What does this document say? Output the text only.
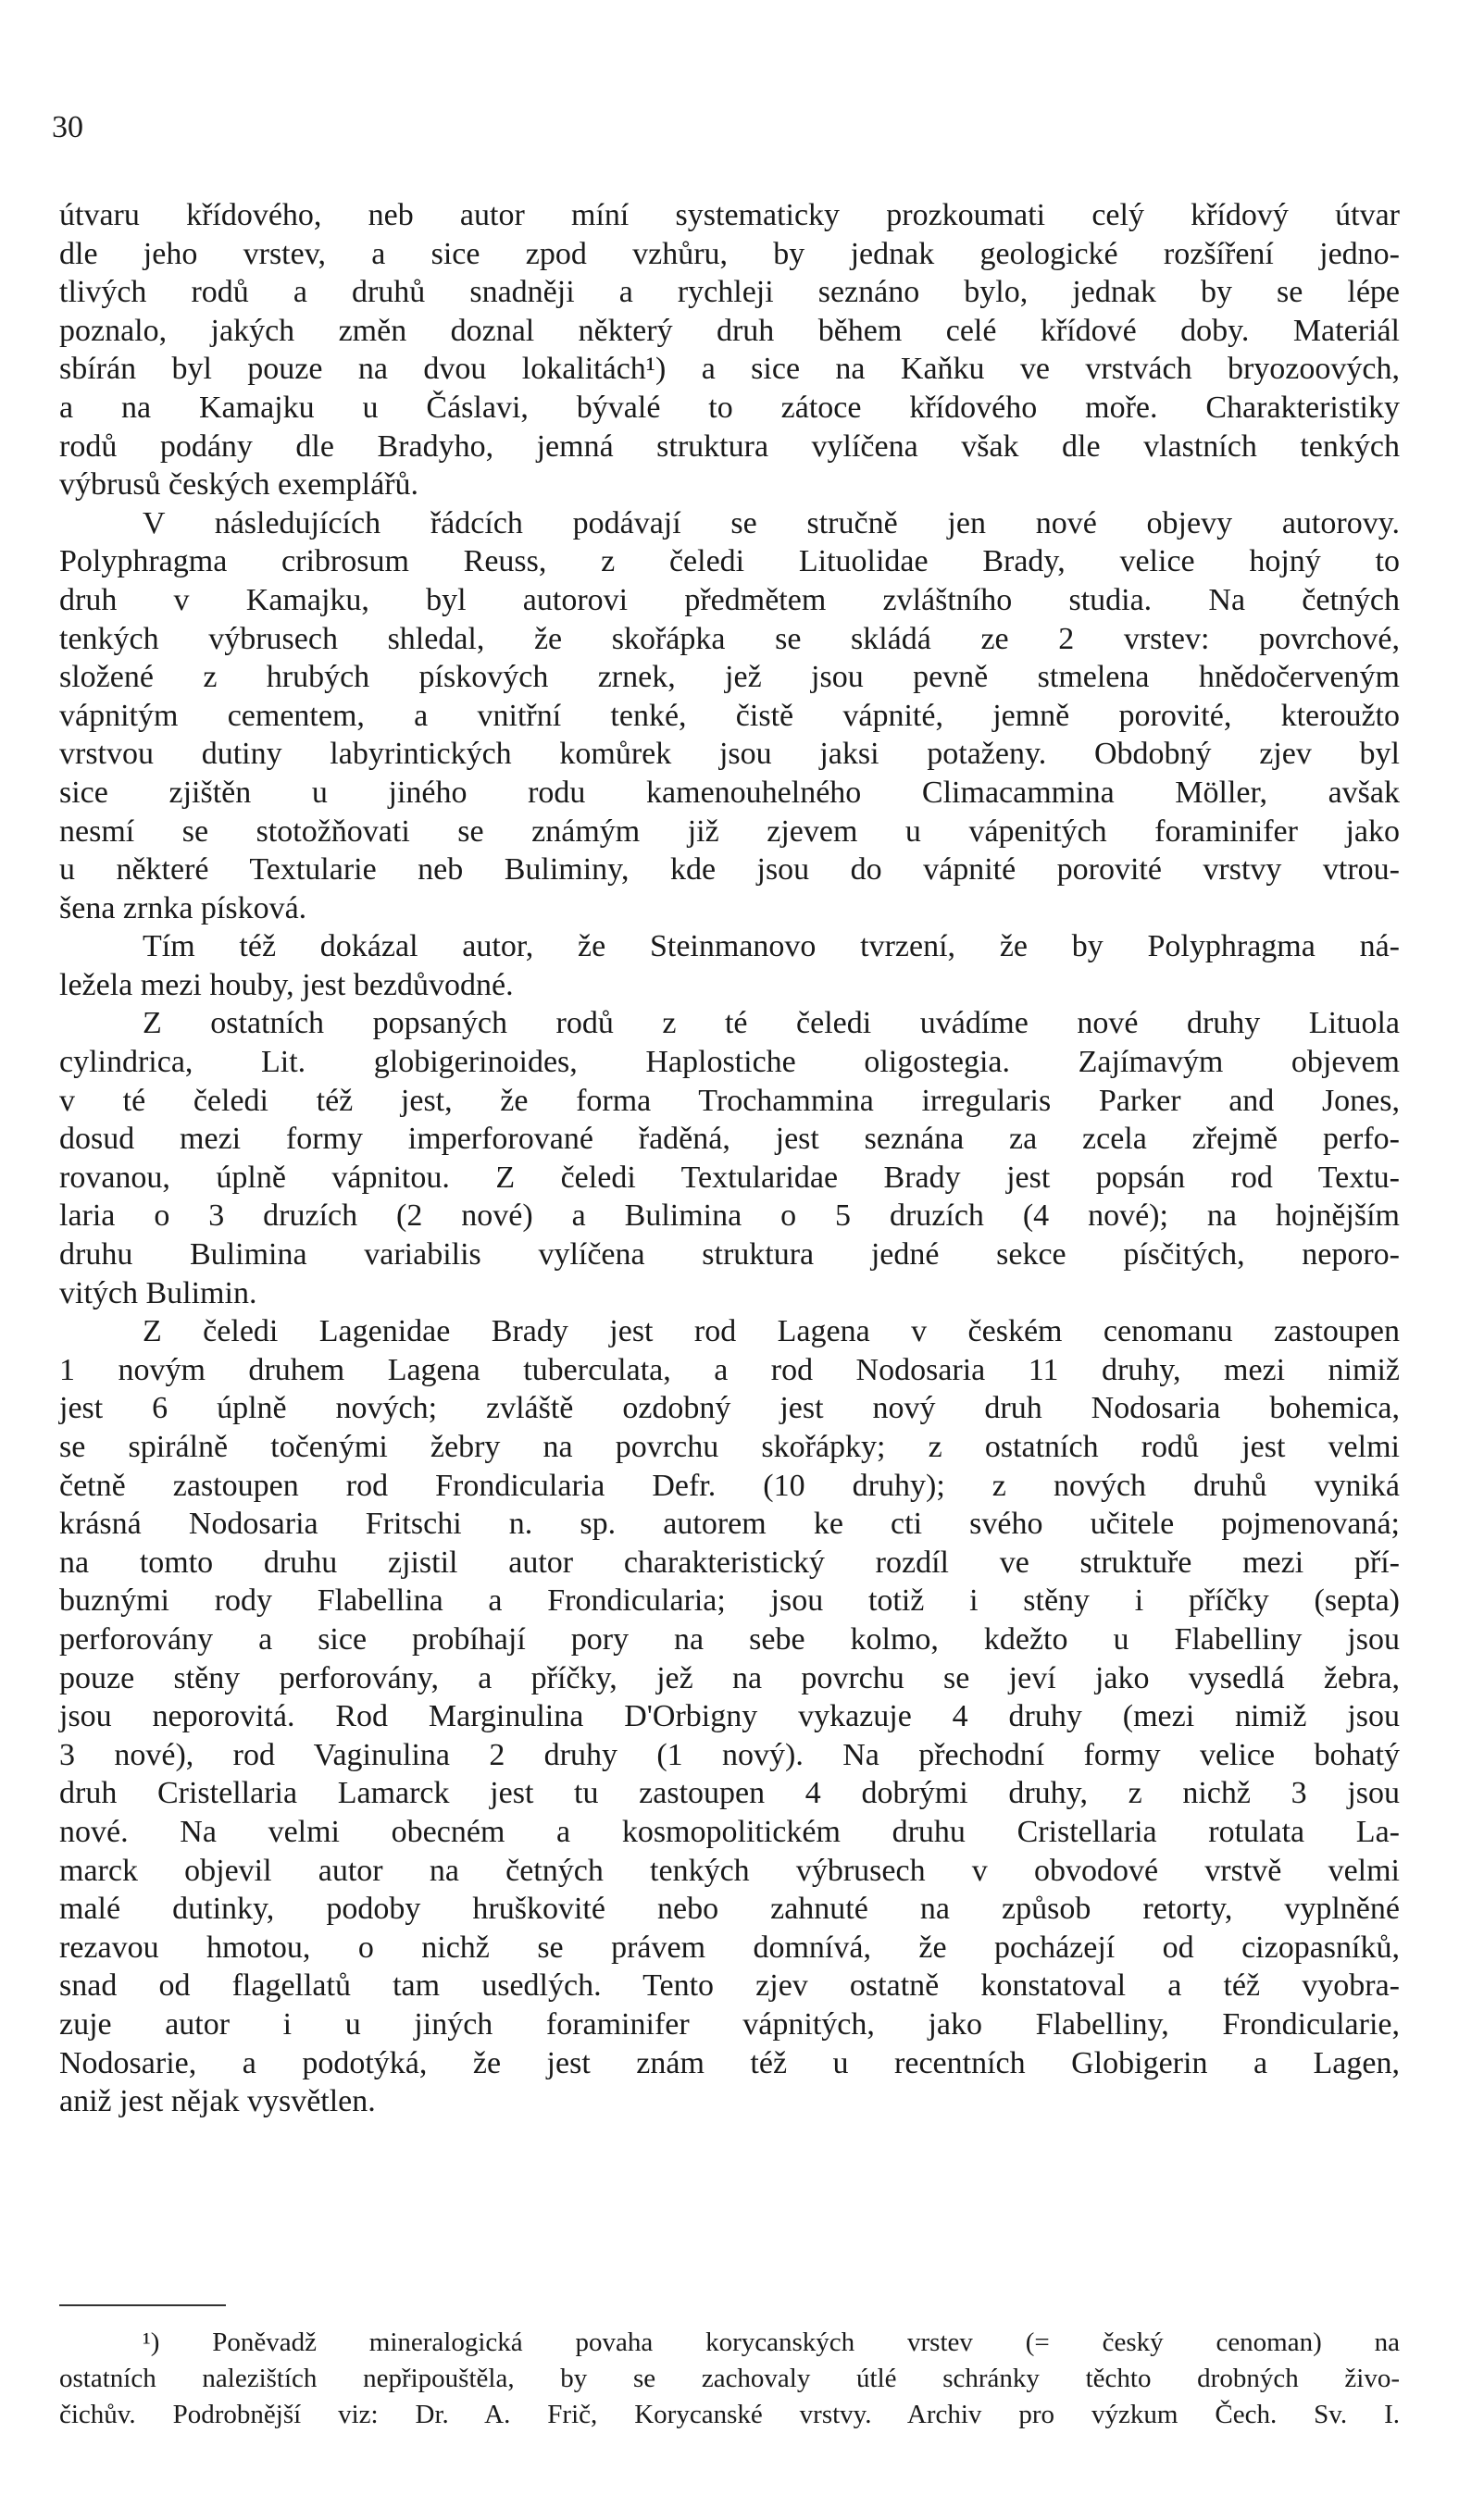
30
útvaru křídového, neb autor míní systematicky prozkoumati celý křídový útvar
dle jeho vrstev, a sice zpod vzhůru, by jednak geologické rozšíření jedno-
tlivých rodů a druhů snadněji a rychleji seznáno bylo, jednak by se lépe
poznalo, jakých změn doznal některý druh během celé křídové doby. Materiál
sbírán byl pouze na dvou lokalitách¹) a sice na Kaňku ve vrstvách bryozoových,
a na Kamajku u Čáslavi, bývalé to zátoce křídového moře. Charakteristiky
rodů podány dle Bradyho, jemná struktura vylíčena však dle vlastních tenkých
výbrusů českých exemplářů.
V následujících řádcích podávají se stručně jen nové objevy autorovy.
Polyphragma cribrosum Reuss, z čeledi Lituolidae Brady, velice hojný to
druh v Kamajku, byl autorovi předmětem zvláštního studia. Na četných
tenkých výbrusech shledal, že skořápka se skládá ze 2 vrstev: povrchové,
složené z hrubých pískových zrnek, jež jsou pevně stmelena hnědočerveným
vápnitým cementem, a vnitřní tenké, čistě vápnité, jemně porovité, kteroužto
vrstvou dutiny labyrintických komůrek jsou jaksi potaženy. Obdobný zjev byl
sice zjištěn u jiného rodu kamenouhelného Climacammina Möller, avšak
nesmí se stotožňovati se známým již zjevem u vápenitých foraminifer jako
u některé Textularie neb Buliminy, kde jsou do vápnité porovité vrstvy vtrou-
šena zrnka písková.
Tím též dokázal autor, že Steinmanovo tvrzení, že by Polyphragma ná-
ležela mezi houby, jest bezdůvodné.
Z ostatních popsaných rodů z té čeledi uvádíme nové druhy Lituola
cylindrica, Lit. globigerinoides, Haplostiche oligostegia. Zajímavým objevem
v té čeledi též jest, že forma Trochammina irregularis Parker and Jones,
dosud mezi formy imperforované řaděná, jest seznána za zcela zřejmě perfo-
rovanou, úplně vápnitou. Z čeledi Textularidae Brady jest popsán rod Textu-
laria o 3 druzích (2 nové) a Bulimina o 5 druzích (4 nové); na hojnějším
druhu Bulimina variabilis vylíčena struktura jedné sekce písčitých, neporo-
vitých Bulimin.
Z čeledi Lagenidae Brady jest rod Lagena v českém cenomanu zastoupen
1 novým druhem Lagena tuberculata, a rod Nodosaria 11 druhy, mezi nimiž
jest 6 úplně nových; zvláště ozdobný jest nový druh Nodosaria bohemica,
se spirálně točenými žebry na povrchu skořápky; z ostatních rodů jest velmi
četně zastoupen rod Frondicularia Defr. (10 druhy); z nových druhů vyniká
krásná Nodosaria Fritschi n. sp. autorem ke cti svého učitele pojmenovaná;
na tomto druhu zjistil autor charakteristický rozdíl ve struktuře mezi pří-
buznými rody Flabellina a Frondicularia; jsou totiž i stěny i příčky (septa)
perforovány a sice probíhají pory na sebe kolmo, kdežto u Flabelliny jsou
pouze stěny perforovány, a příčky, jež na povrchu se jeví jako vysedlá žebra,
jsou neporovitá. Rod Marginulina D'Orbigny vykazuje 4 druhy (mezi nimiž jsou
3 nové), rod Vaginulina 2 druhy (1 nový). Na přechodní formy velice bohatý
druh Cristellaria Lamarck jest tu zastoupen 4 dobrými druhy, z nichž 3 jsou
nové. Na velmi obecném a kosmopolitickém druhu Cristellaria rotulata La-
marck objevil autor na četných tenkých výbrusech v obvodové vrstvě velmi
malé dutinky, podoby hruškovité nebo zahnuté na způsob retorty, vyplněné
rezavou hmotou, o nichž se právem domnívá, že pocházejí od cizopasníků,
snad od flagellatů tam usedlých. Tento zjev ostatně konstatoval a též vyobra-
zuje autor i u jiných foraminifer vápnitých, jako Flabelliny, Frondicularie,
Nodosarie, a podotýká, že jest znám též u recentních Globigerin a Lagen,
aniž jest nějak vysvětlen.
¹) Poněvadž mineralogická povaha korycanských vrstev (= český cenoman) na
ostatních nalezištích nepřipouštěla, by se zachovaly útlé schránky těchto drobných živo-
čichův. Podrobnější viz: Dr. A. Frič, Korycanské vrstvy. Archiv pro výzkum Čech. Sv. I.
